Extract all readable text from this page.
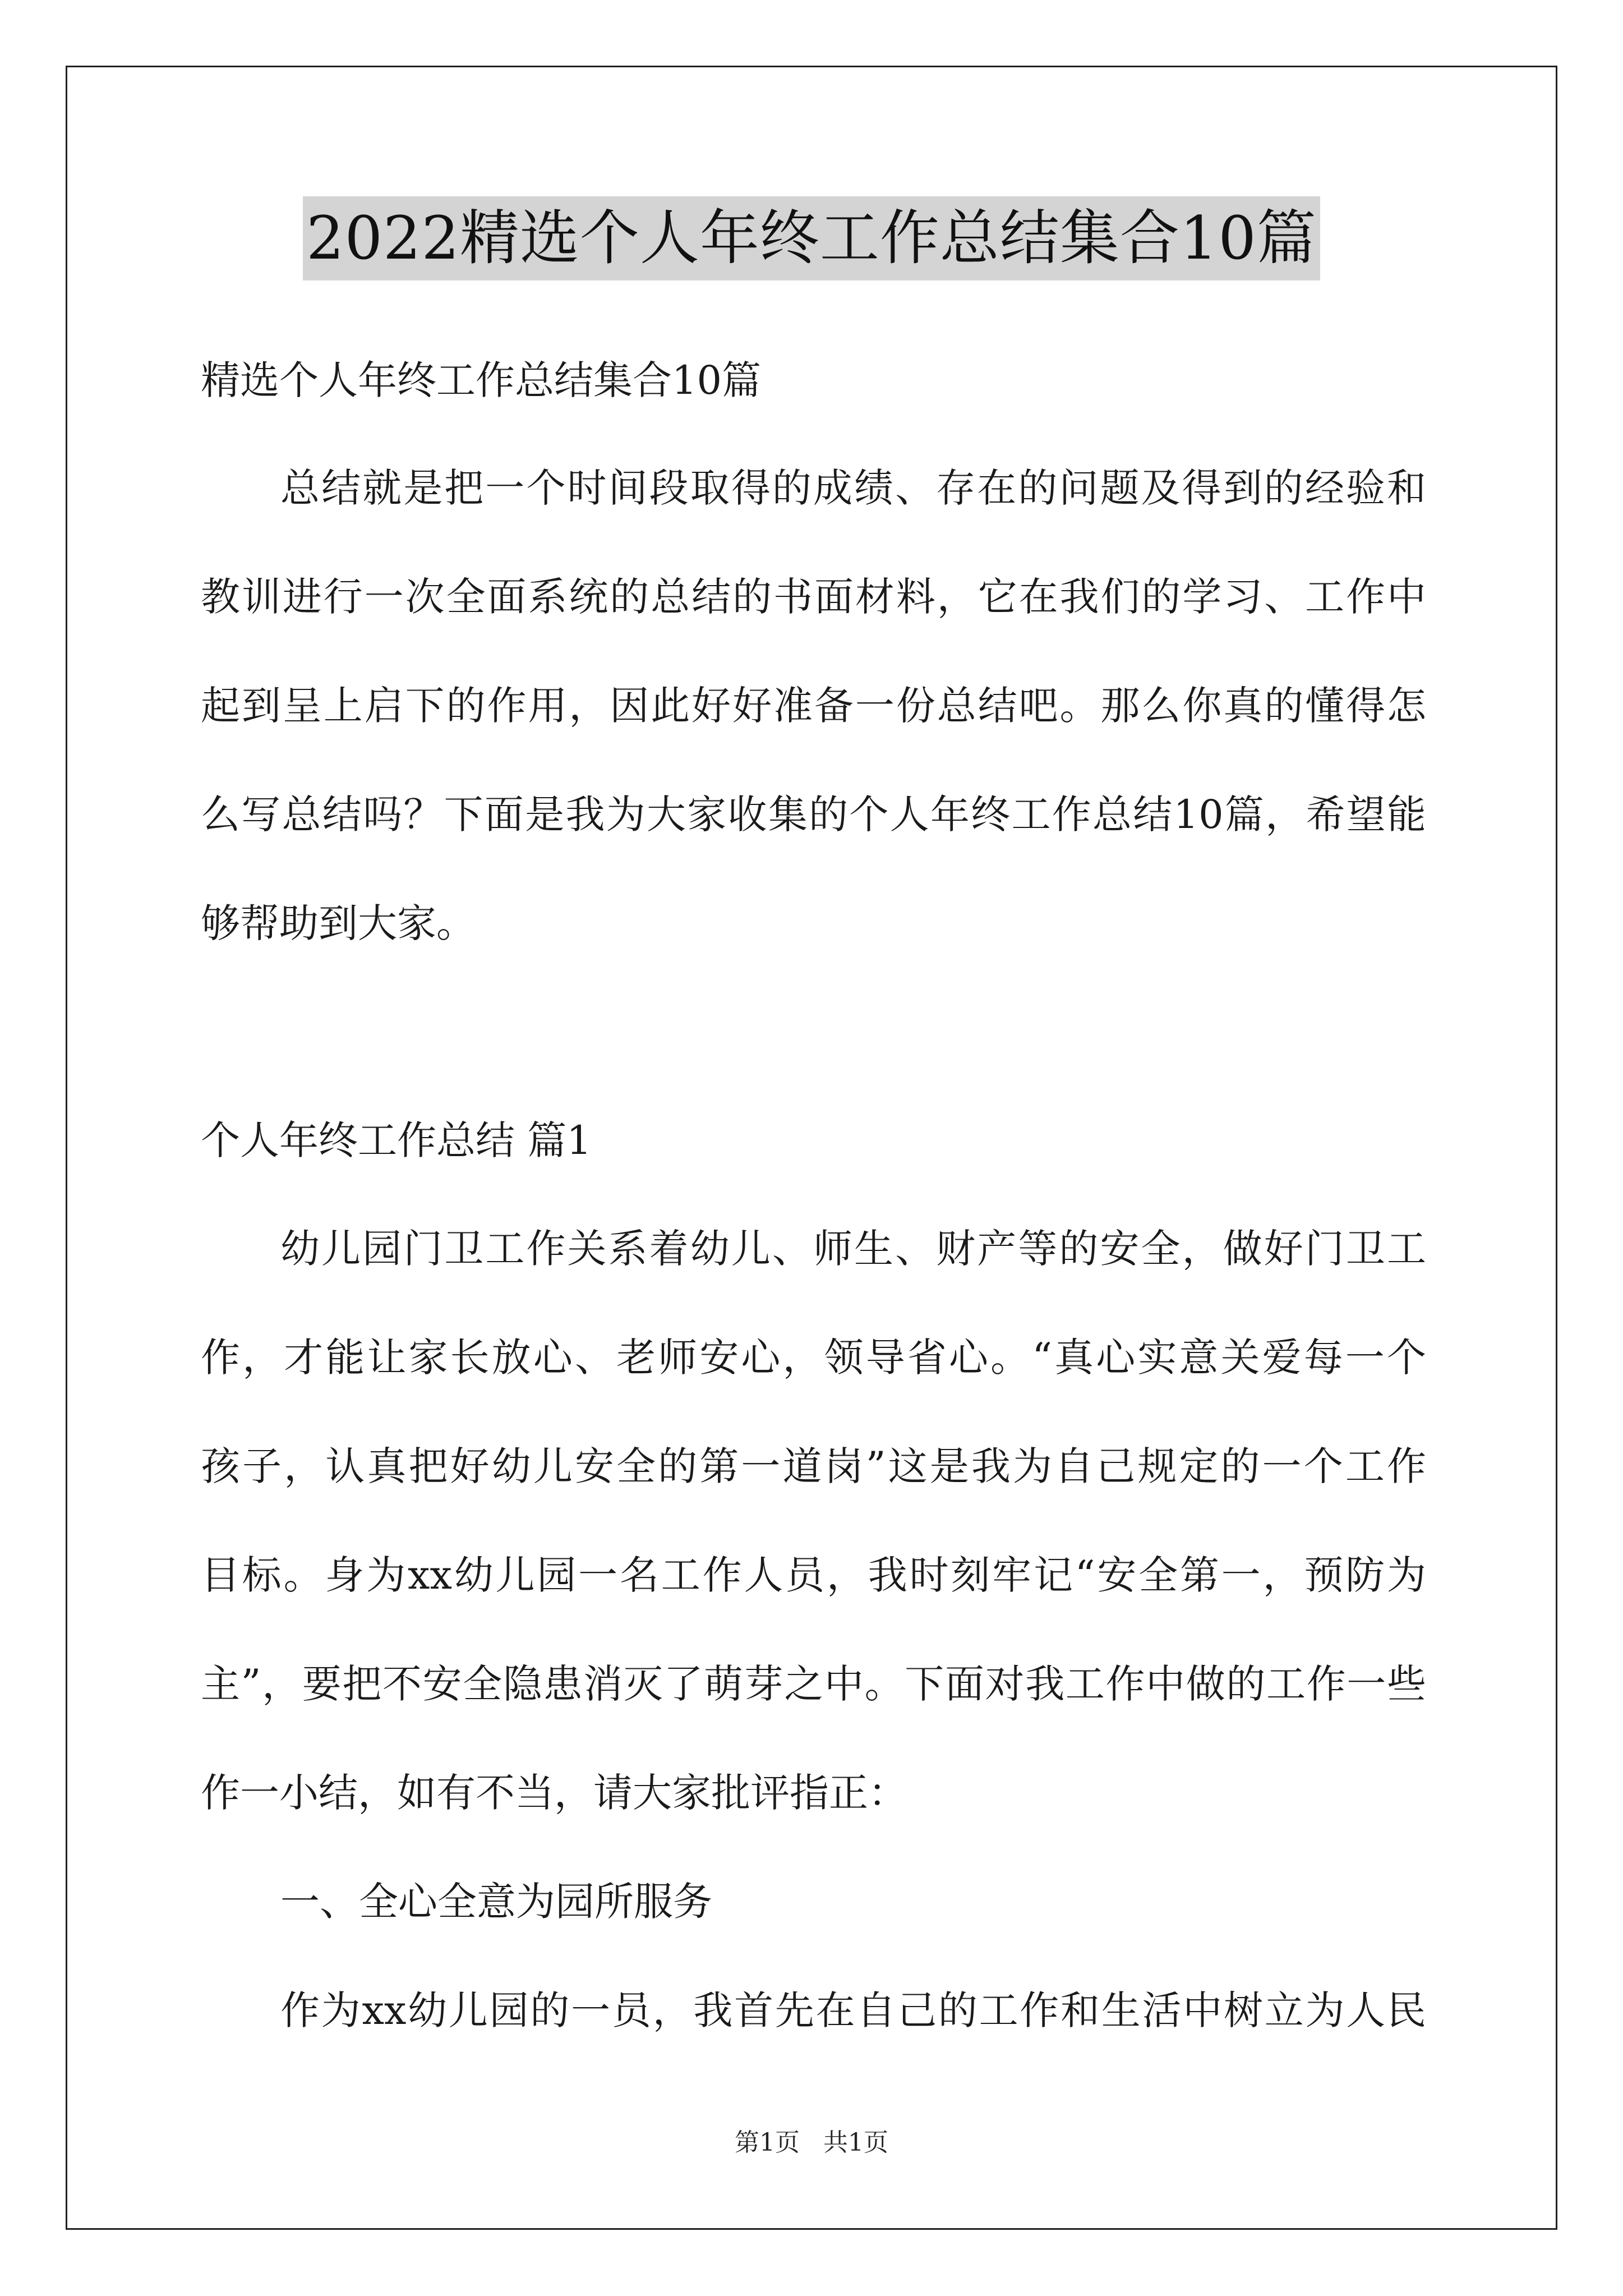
2022精选个人年终工作总结集合10篇
精选个人年终工作总结集合10篇
总结就是把一个时间段取得的成绩、存在的问题及得到的经验和
教训进行一次全面系统的总结的书面材料，它在我们的学习、工作中
起到呈上启下的作用，因此好好准备一份总结吧。那么你真的懂得怎
么写总结吗？下面是我为大家收集的个人年终工作总结10篇，希望能
够帮助到大家。
个人年终工作总结 篇1
幼儿园门卫工作关系着幼儿、师生、财产等的安全，做好门卫工
作，才能让家长放心、老师安心，领导省心。“真心实意关爱每一个
孩子，认真把好幼儿安全的第一道岗”这是我为自己规定的一个工作
目标。身为xx幼儿园一名工作人员，我时刻牢记“安全第一，预防为
主”，要把不安全隐患消灭了萌芽之中。下面对我工作中做的工作一些
作一小结，如有不当，请大家批评指正：
一、全心全意为园所服务
作为xx幼儿园的一员，我首先在自己的工作和生活中树立为人民
第1页   共1页
